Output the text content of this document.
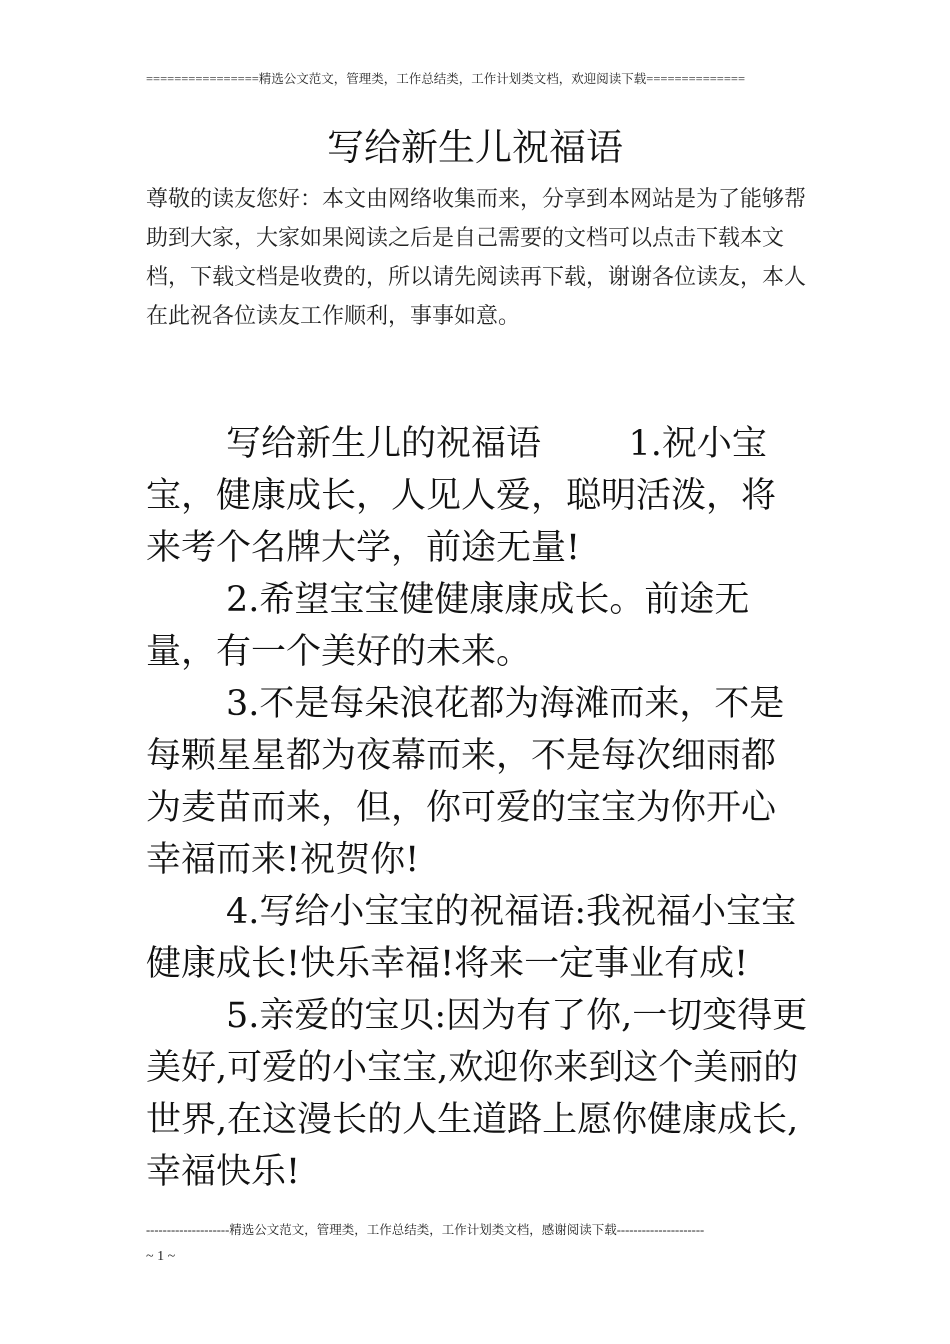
================精选公文范文，管理类，工作总结类，工作计划类文档，欢迎阅读下载==============
写给新生儿祝福语
尊敬的读友您好：本文由网络收集而来，分享到本网站是为了能够帮助到大家，大家如果阅读之后是自己需要的文档可以点击下载本文档，下载文档是收费的，所以请先阅读再下载，谢谢各位读友，本人在此祝各位读友工作顺利，事事如意。

写给新生儿的祝福语　　 	1.祝小宝宝，健康成长，人见人爱，聪明活泼，将来考个名牌大学，前途无量!

2.希望宝宝健健康康成长。前途无量，有一个美好的未来。

3.不是每朵浪花都为海滩而来，不是每颗星星都为夜幕而来，不是每次细雨都为麦苗而来，但，你可爱的宝宝为你开心幸福而来!祝贺你!

4.写给小宝宝的祝福语:我祝福小宝宝健康成长!快乐幸福!将来一定事业有成!

5.亲爱的宝贝:因为有了你,一切变得更美好,可爱的小宝宝,欢迎你来到这个美丽的世界,在这漫长的人生道路上愿你健康成长,幸福快乐!

--------------------精选公文范文，管理类，工作总结类，工作计划类文档，感谢阅读下载---------------------
~ 1 ~
